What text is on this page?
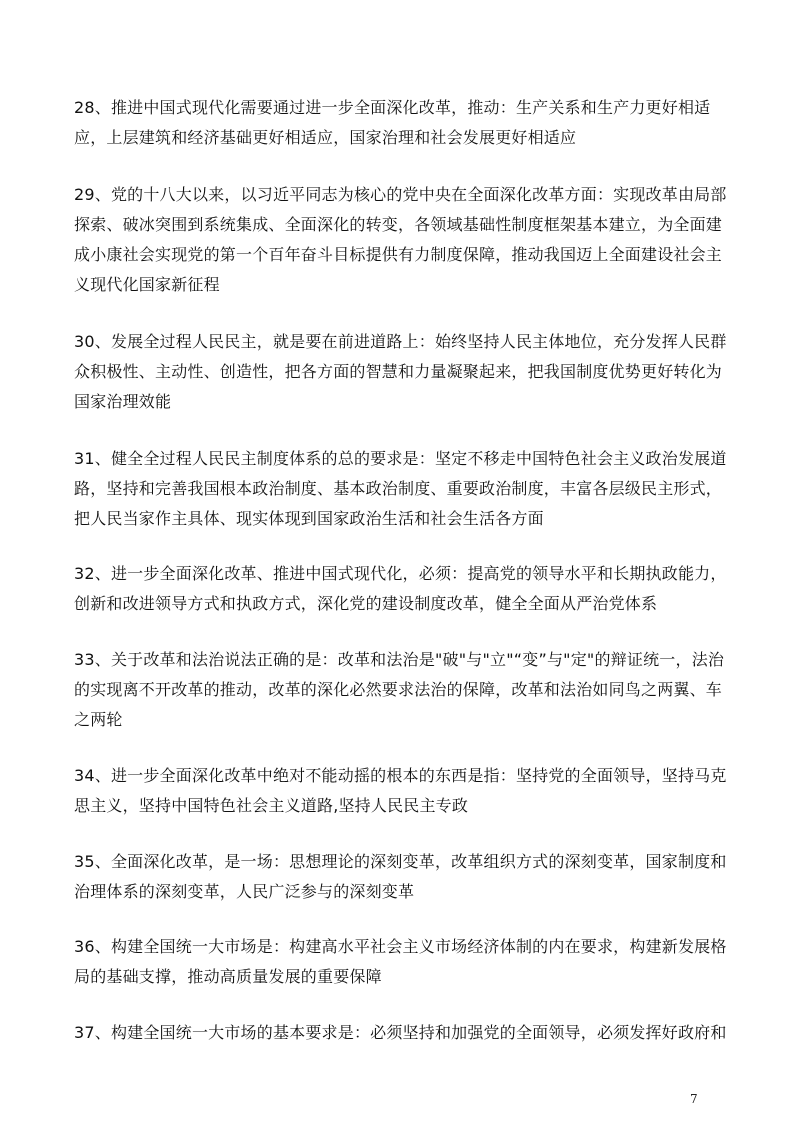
28、推进中国式现代化需要通过进一步全面深化改革，推动：生产关系和生产力更好相适
应，上层建筑和经济基础更好相适应，国家治理和社会发展更好相适应
29、党的十八大以来，以习近平同志为核心的党中央在全面深化改革方面：实现改革由局部
探索、破冰突围到系统集成、全面深化的转变，各领域基础性制度框架基本建立，为全面建
成小康社会实现党的第一个百年奋斗目标提供有力制度保障，推动我国迈上全面建设社会主
义现代化国家新征程
30、发展全过程人民民主，就是要在前进道路上：始终坚持人民主体地位，充分发挥人民群
众积极性、主动性、创造性，把各方面的智慧和力量凝聚起来，把我国制度优势更好转化为
国家治理效能
31、健全全过程人民民主制度体系的总的要求是：坚定不移走中国特色社会主义政治发展道
路，坚持和完善我国根本政治制度、基本政治制度、重要政治制度，丰富各层级民主形式，
把人民当家作主具体、现实体现到国家政治生活和社会生活各方面
32、进一步全面深化改革、推进中国式现代化，必须：提高党的领导水平和长期执政能力，
创新和改进领导方式和执政方式，深化党的建设制度改革，健全全面从严治党体系
33、关于改革和法治说法正确的是：改革和法治是"破"与"立"“变”与"定"的辩证统一，法治
的实现离不开改革的推动，改革的深化必然要求法治的保障，改革和法治如同鸟之两翼、车
之两轮
34、进一步全面深化改革中绝对不能动摇的根本的东西是指：坚持党的全面领导，坚持马克
思主义，坚持中国特色社会主义道路,坚持人民民主专政
35、全面深化改革，是一场：思想理论的深刻变革，改革组织方式的深刻变革，国家制度和
治理体系的深刻变革，人民广泛参与的深刻变革
36、构建全国统一大市场是：构建高水平社会主义市场经济体制的内在要求，构建新发展格
局的基础支撑，推动高质量发展的重要保障
37、构建全国统一大市场的基本要求是：必须坚持和加强党的全面领导，必须发挥好政府和
7
